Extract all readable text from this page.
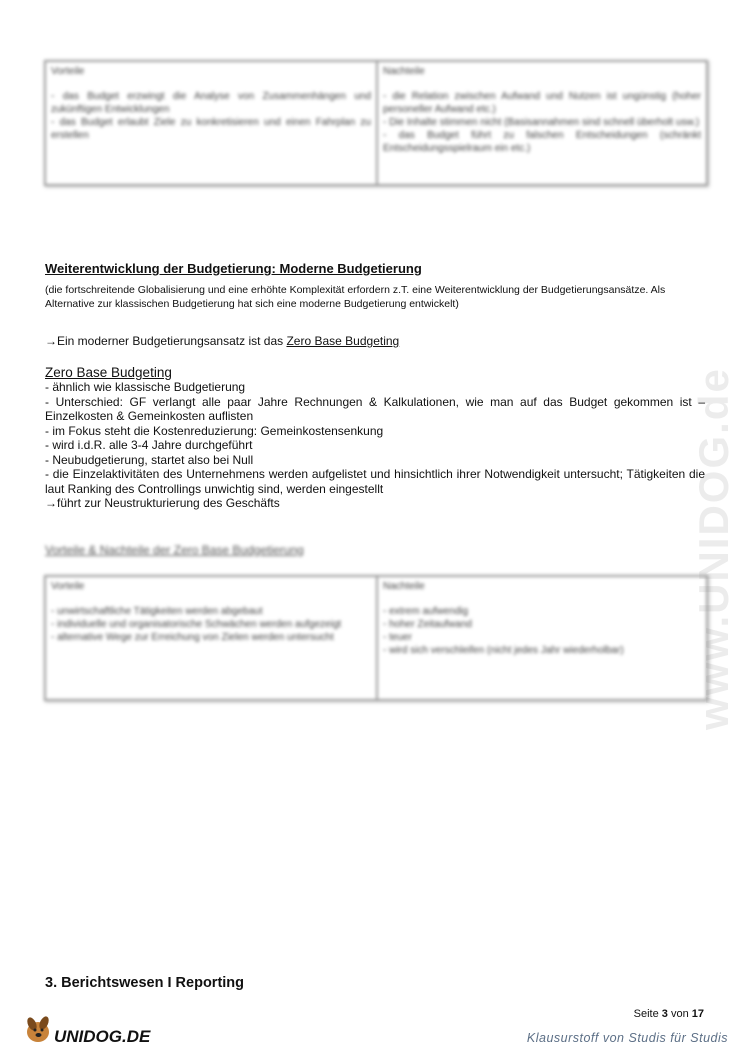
www.UNIDOG.de
Vorteile
- das Budget erzwingt die Analyse von Zusammenhängen und zukünftigen Entwicklungen
- das Budget erlaubt Ziele zu konkretisieren und einen Fahrplan zu erstellen
Nachteile
- die Relation zwischen Aufwand und Nutzen ist ungünstig (hoher personeller Aufwand etc.)
- Die Inhalte stimmen nicht (Basisannahmen sind schnell überholt usw.)
- das Budget führt zu falschen Entscheidungen (schränkt Entscheidungsspielraum ein etc.)
Weiterentwicklung der Budgetierung: Moderne Budgetierung
(die fortschreitende Globalisierung und eine erhöhte Komplexität erfordern z.T. eine Weiterentwicklung der Budgetierungsansätze. Als Alternative zur klassischen Budgetierung hat sich eine moderne Budgetierung entwickelt)
→Ein moderner Budgetierungsansatz ist das Zero Base Budgeting
Zero Base Budgeting
- ähnlich wie klassische Budgetierung
- Unterschied: GF verlangt alle paar Jahre Rechnungen & Kalkulationen, wie man auf das Budget gekommen ist – Einzelkosten & Gemeinkosten auflisten
- im Fokus steht die Kostenreduzierung: Gemeinkostensenkung
- wird i.d.R. alle 3-4 Jahre durchgeführt
- Neubudgetierung, startet also bei Null
- die Einzelaktivitäten des Unternehmens werden aufgelistet und hinsichtlich ihrer Notwendigkeit untersucht; Tätigkeiten die laut Ranking des Controllings unwichtig sind, werden eingestellt
→führt zur Neustrukturierung des Geschäfts
Vorteile & Nachteile der Zero Base Budgetierung
Vorteile
- unwirtschaftliche Tätigkeiten werden abgebaut
- individuelle und organisatorische Schwächen werden aufgezeigt
- alternative Wege zur Erreichung von Zielen werden untersucht
Nachteile
- extrem aufwendig
- hoher Zeitaufwand
- teuer
- wird sich verschleifen (nicht jedes Jahr wiederholbar)
3. Berichtswesen I Reporting
Seite 3 von 17
UNIDOG.DE	Klausurstoff von Studis für Studis
